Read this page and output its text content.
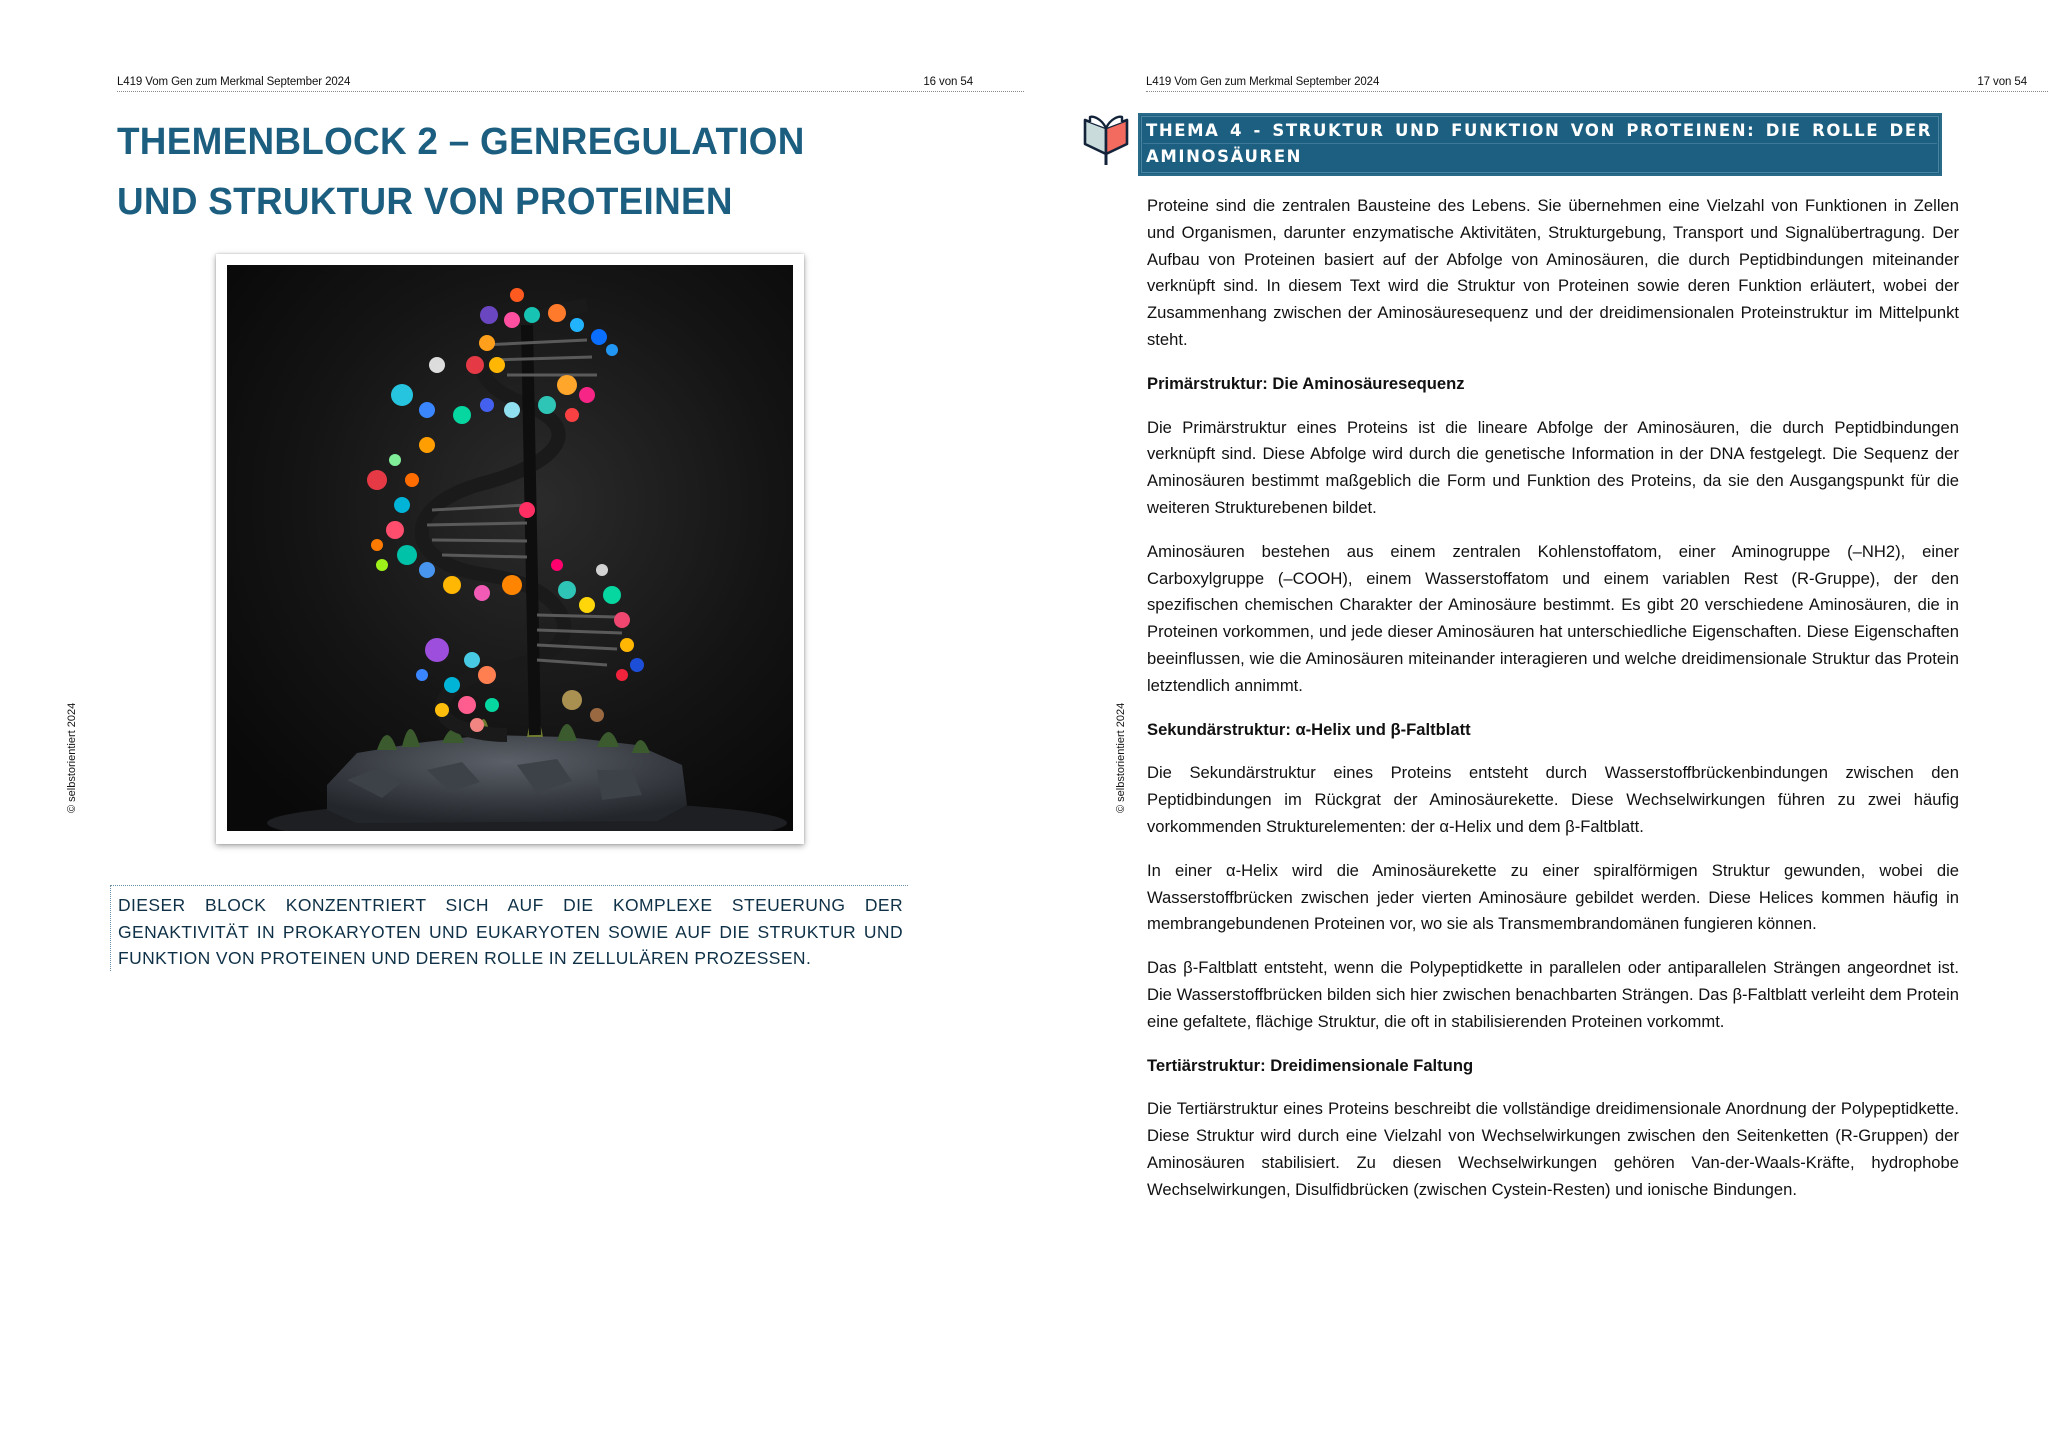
L419 Vom Gen zum Merkmal September 2024	16 von 54
© selbstorientiert 2024
THEMENBLOCK 2 – GENREGULATION
UND STRUKTUR VON PROTEINEN

DIESER BLOCK KONZENTRIERT SICH AUF DIE KOMPLEXE STEUERUNG DER GENAKTIVITÄT IN PROKARYOTEN UND EUKARYOTEN SOWIE AUF DIE STRUKTUR UND FUNKTION VON PROTEINEN UND DEREN ROLLE IN ZELLULÄREN PROZESSEN.

L419 Vom Gen zum Merkmal September 2024	17 von 54
© selbstorientiert 2024
THEMA 4 - STRUKTUR UND FUNKTION VON PROTEINEN: DIE ROLLE DER AMINOSÄUREN

Proteine sind die zentralen Bausteine des Lebens. Sie übernehmen eine Vielzahl von Funktionen in Zellen und Organismen, darunter enzymatische Aktivitäten, Strukturgebung, Transport und Signalübertragung. Der Aufbau von Proteinen basiert auf der Abfolge von Aminosäuren, die durch Peptidbindungen miteinander verknüpft sind. In diesem Text wird die Struktur von Proteinen sowie deren Funktion erläutert, wobei der Zusammenhang zwischen der Aminosäuresequenz und der dreidimensionalen Proteinstruktur im Mittelpunkt steht.

Primärstruktur: Die Aminosäuresequenz

Die Primärstruktur eines Proteins ist die lineare Abfolge der Aminosäuren, die durch Peptidbindungen verknüpft sind. Diese Abfolge wird durch die genetische Information in der DNA festgelegt. Die Sequenz der Aminosäuren bestimmt maßgeblich die Form und Funktion des Proteins, da sie den Ausgangspunkt für die weiteren Strukturebenen bildet.

Aminosäuren bestehen aus einem zentralen Kohlenstoffatom, einer Aminogruppe (–NH2), einer Carboxylgruppe (–COOH), einem Wasserstoffatom und einem variablen Rest (R-Gruppe), der den spezifischen chemischen Charakter der Aminosäure bestimmt. Es gibt 20 verschiedene Aminosäuren, die in Proteinen vorkommen, und jede dieser Aminosäuren hat unterschiedliche Eigenschaften. Diese Eigenschaften beeinflussen, wie die Aminosäuren miteinander interagieren und welche dreidimensionale Struktur das Protein letztendlich annimmt.

Sekundärstruktur: α-Helix und β-Faltblatt

Die Sekundärstruktur eines Proteins entsteht durch Wasserstoffbrückenbindungen zwischen den Peptidbindungen im Rückgrat der Aminosäurekette. Diese Wechselwirkungen führen zu zwei häufig vorkommenden Strukturelementen: der α-Helix und dem β-Faltblatt.

In einer α-Helix wird die Aminosäurekette zu einer spiralförmigen Struktur gewunden, wobei die Wasserstoffbrücken zwischen jeder vierten Aminosäure gebildet werden. Diese Helices kommen häufig in membrangebundenen Proteinen vor, wo sie als Transmembrandomänen fungieren können.

Das β-Faltblatt entsteht, wenn die Polypeptidkette in parallelen oder antiparallelen Strängen angeordnet ist. Die Wasserstoffbrücken bilden sich hier zwischen benachbarten Strängen. Das β-Faltblatt verleiht dem Protein eine gefaltete, flächige Struktur, die oft in stabilisierenden Proteinen vorkommt.

Tertiärstruktur: Dreidimensionale Faltung

Die Tertiärstruktur eines Proteins beschreibt die vollständige dreidimensionale Anordnung der Polypeptidkette. Diese Struktur wird durch eine Vielzahl von Wechselwirkungen zwischen den Seitenketten (R-Gruppen) der Aminosäuren stabilisiert. Zu diesen Wechselwirkungen gehören Van-der-Waals-Kräfte, hydrophobe Wechselwirkungen, Disulfidbrücken (zwischen Cystein-Resten) und ionische Bindungen.
